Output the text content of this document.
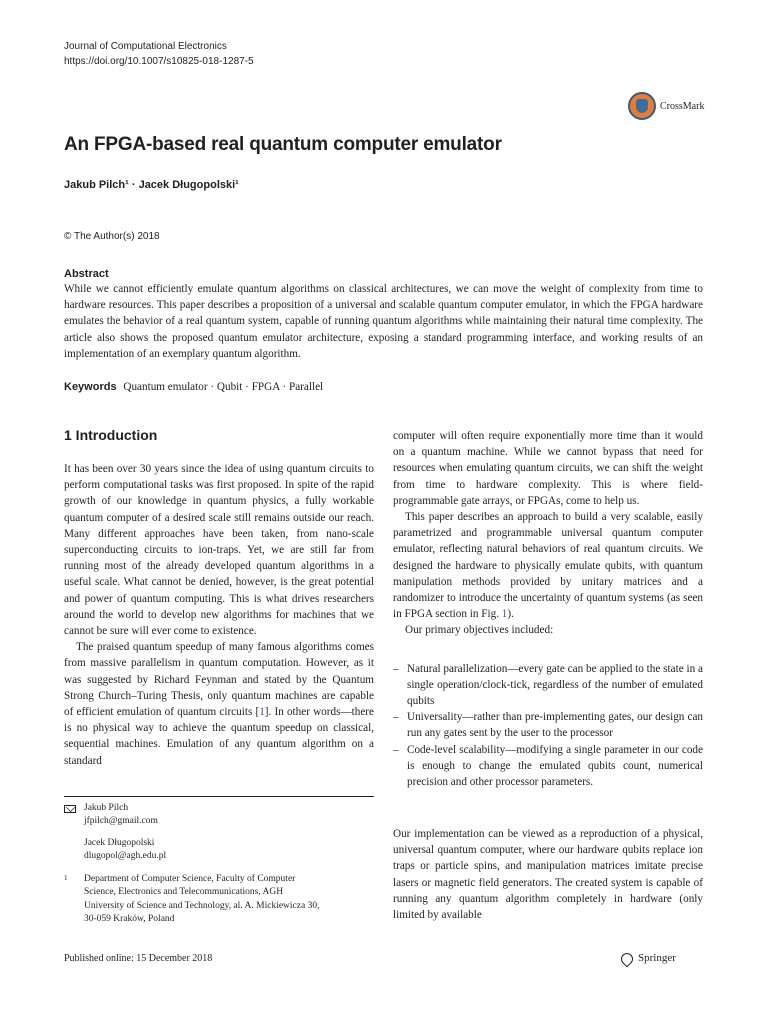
Journal of Computational Electronics
https://doi.org/10.1007/s10825-018-1287-5
CrossMark
An FPGA-based real quantum computer emulator
Jakub Pilch¹ · Jacek Długopolski¹
© The Author(s) 2018
Abstract

While we cannot efficiently emulate quantum algorithms on classical architectures, we can move the weight of complexity from time to hardware resources. This paper describes a proposition of a universal and scalable quantum computer emulator, in which the FPGA hardware emulates the behavior of a real quantum system, capable of running quantum algorithms while maintaining their natural time complexity. The article also shows the proposed quantum emulator architecture, exposing a standard programming interface, and working results of an implementation of an exemplary quantum algorithm.

Keywords Quantum emulator · Qubit · FPGA · Parallel
1 Introduction

It has been over 30 years since the idea of using quantum circuits to perform computational tasks was first proposed. In spite of the rapid growth of our knowledge in quantum physics, a fully workable quantum computer of a desired scale still remains outside our reach. Many different approaches have been taken, from nano-scale superconducting circuits to ion-traps. Yet, we are still far from running most of the already developed quantum algorithms in a useful scale. What cannot be denied, however, is the great potential and power of quantum computing. This is what drives researchers around the world to develop new algorithms for machines that we cannot be sure will ever come to existence.

The praised quantum speedup of many famous algorithms comes from massive parallelism in quantum computation. However, as it was suggested by Richard Feynman and stated by the Quantum Strong Church–Turing Thesis, only quantum machines are capable of efficient emulation of quantum circuits [1]. In other words—there is no physical way to achieve the quantum speedup on classical, sequential machines. Emulation of any quantum algorithm on a standard

computer will often require exponentially more time than it would on a quantum machine. While we cannot bypass that need for resources when emulating quantum circuits, we can shift the weight from time to hardware complexity. This is where field-programmable gate arrays, or FPGAs, come to help us.

This paper describes an approach to build a very scalable, easily parametrized and programmable universal quantum computer emulator, reflecting natural behaviors of real quantum circuits. We designed the hardware to physically emulate qubits, with quantum manipulation methods provided by unitary matrices and a randomizer to introduce the uncertainty of quantum systems (as seen in FPGA section in Fig. 1).

Our primary objectives included:

– Natural parallelization—every gate can be applied to the state in a single operation/clock-tick, regardless of the number of emulated qubits
– Universality—rather than pre-implementing gates, our design can run any gates sent by the user to the processor
– Code-level scalability—modifying a single parameter in our code is enough to change the emulated qubits count, numerical precision and other processor parameters.

Our implementation can be viewed as a reproduction of a physical, universal quantum computer, where our hardware qubits replace ion traps or particle spins, and manipulation matrices imitate precise lasers or magnetic field generators. The created system is capable of running any quantum algorithm completely in hardware (only limited by available

Jakub Pilch
jfpilch@gmail.com
Jacek Długopolski
dlugopol@agh.edu.pl
1	Department of Computer Science, Faculty of Computer
Science, Electronics and Telecommunications, AGH
University of Science and Technology, al. A. Mickiewicza 30,
30-059 Kraków, Poland
Published online: 15 December 2018	Springer
